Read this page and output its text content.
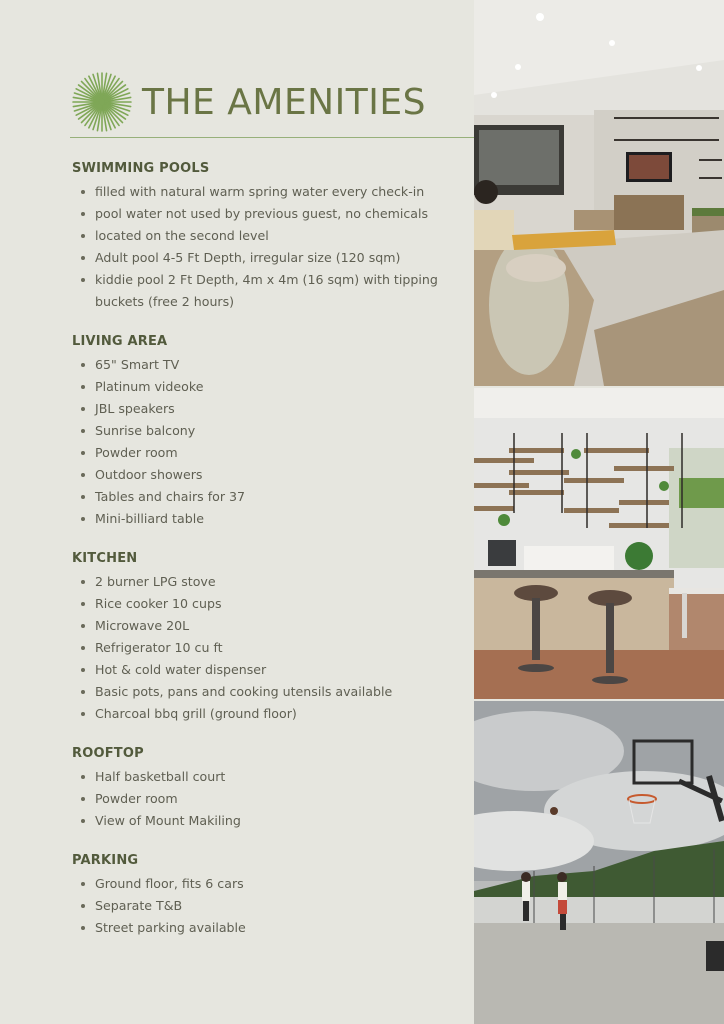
THE AMENITIES
SWIMMING POOLS
filled with natural warm spring water every check-in
pool water not used by previous guest, no chemicals
located on the second level
Adult pool 4-5 Ft Depth, irregular size (120 sqm)
kiddie pool 2 Ft Depth, 4m x 4m (16 sqm) with tipping
buckets (free 2 hours)
LIVING AREA
65" Smart TV
Platinum videoke
JBL speakers
Sunrise balcony
Powder room
Outdoor showers
Tables and chairs for 37
Mini-billiard table
KITCHEN
2 burner LPG stove
Rice cooker 10 cups
Microwave 20L
Refrigerator 10 cu ft
Hot & cold water dispenser
Basic pots, pans and cooking utensils available
Charcoal bbq grill (ground floor)
ROOFTOP
Half basketball court
Powder room
View of Mount Makiling
PARKING
Ground floor, fits 6 cars
Separate T&B
Street parking available
